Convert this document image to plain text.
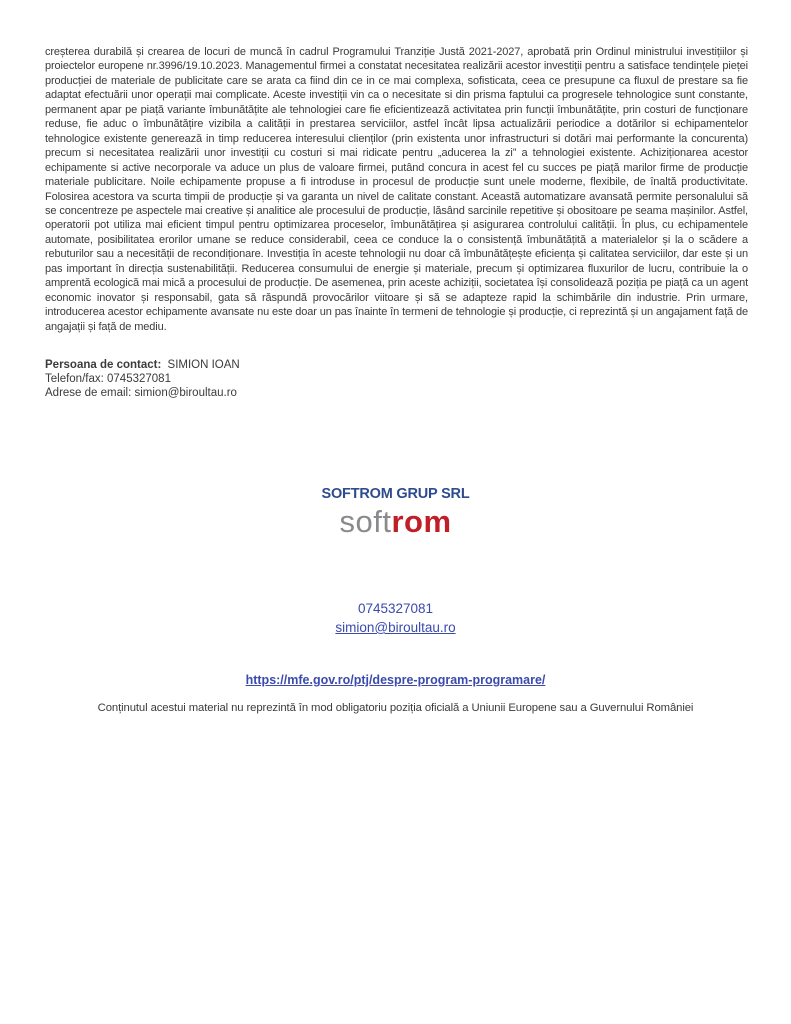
creșterea durabilă și crearea de locuri de muncă în cadrul Programului Tranziție Justă 2021-2027, aprobată prin Ordinul ministrului investițiilor și proiectelor europene nr.3996/19.10.2023. Managementul firmei a constatat necesitatea realizării acestor investiții pentru a satisface tendințele pieței producției de materiale de publicitate care se arata ca fiind din ce in ce mai complexa, sofisticata, ceea ce presupune ca fluxul de prestare sa fie adaptat efectuării unor operații mai complicate. Aceste investiții vin ca o necesitate si din prisma faptului ca progresele tehnologice sunt constante, permanent apar pe piață variante îmbunătățite ale tehnologiei care fie eficientizează activitatea prin funcții îmbunătățite, prin costuri de funcționare reduse, fie aduc o îmbunătățire vizibila a calității in prestarea serviciilor, astfel încât lipsa actualizării periodice a dotărilor si echipamentelor tehnologice existente generează in timp reducerea interesului clienților (prin existenta unor infrastructuri si dotări mai performante la concurenta) precum si necesitatea realizării unor investiții cu costuri si mai ridicate pentru „aducerea la zi” a tehnologiei existente. Achiziționarea acestor echipamente si active necorporale va aduce un plus de valoare firmei, putând concura in acest fel cu succes pe piață marilor firme de producție materiale publicitare. Noile echipamente propuse a fi introduse in procesul de producție sunt unele moderne, flexibile, de înaltă productivitate. Folosirea acestora va scurta timpii de producție și va garanta un nivel de calitate constant. Această automatizare avansată permite personalului să se concentreze pe aspectele mai creative și analitice ale procesului de producție, lăsând sarcinile repetitive și obositoare pe seama mașinilor. Astfel, operatorii pot utiliza mai eficient timpul pentru optimizarea proceselor, îmbunătățirea și asigurarea controlului calității. În plus, cu echipamentele automate, posibilitatea erorilor umane se reduce considerabil, ceea ce conduce la o consistență îmbunătățită a materialelor și la o scădere a rebuturilor sau a necesității de recondiționare. Investiția în aceste tehnologii nu doar că îmbunătățește eficiența și calitatea serviciilor, dar este și un pas important în direcția sustenabilității. Reducerea consumului de energie și materiale, precum și optimizarea fluxurilor de lucru, contribuie la o amprentă ecologică mai mică a procesului de producție. De asemenea, prin aceste achiziții, societatea își consolidează poziția pe piață ca un agent economic inovator și responsabil, gata să răspundă provocărilor viitoare și să se adapteze rapid la schimbările din industrie. Prin urmare, introducerea acestor echipamente avansate nu este doar un pas înainte în termeni de tehnologie și producție, ci reprezintă și un angajament față de angajații și față de mediu.

Persoana de contact: SIMION IOAN
Telefon/fax: 0745327081
Adrese de email: simion@biroultau.ro
SOFTROM GRUP SRL
softrom
0745327081
simion@biroultau.ro
https://mfe.gov.ro/ptj/despre-program-programare/
Conținutul acestui material nu reprezintă în mod obligatoriu poziția oficială a Uniunii Europene sau a Guvernului României
